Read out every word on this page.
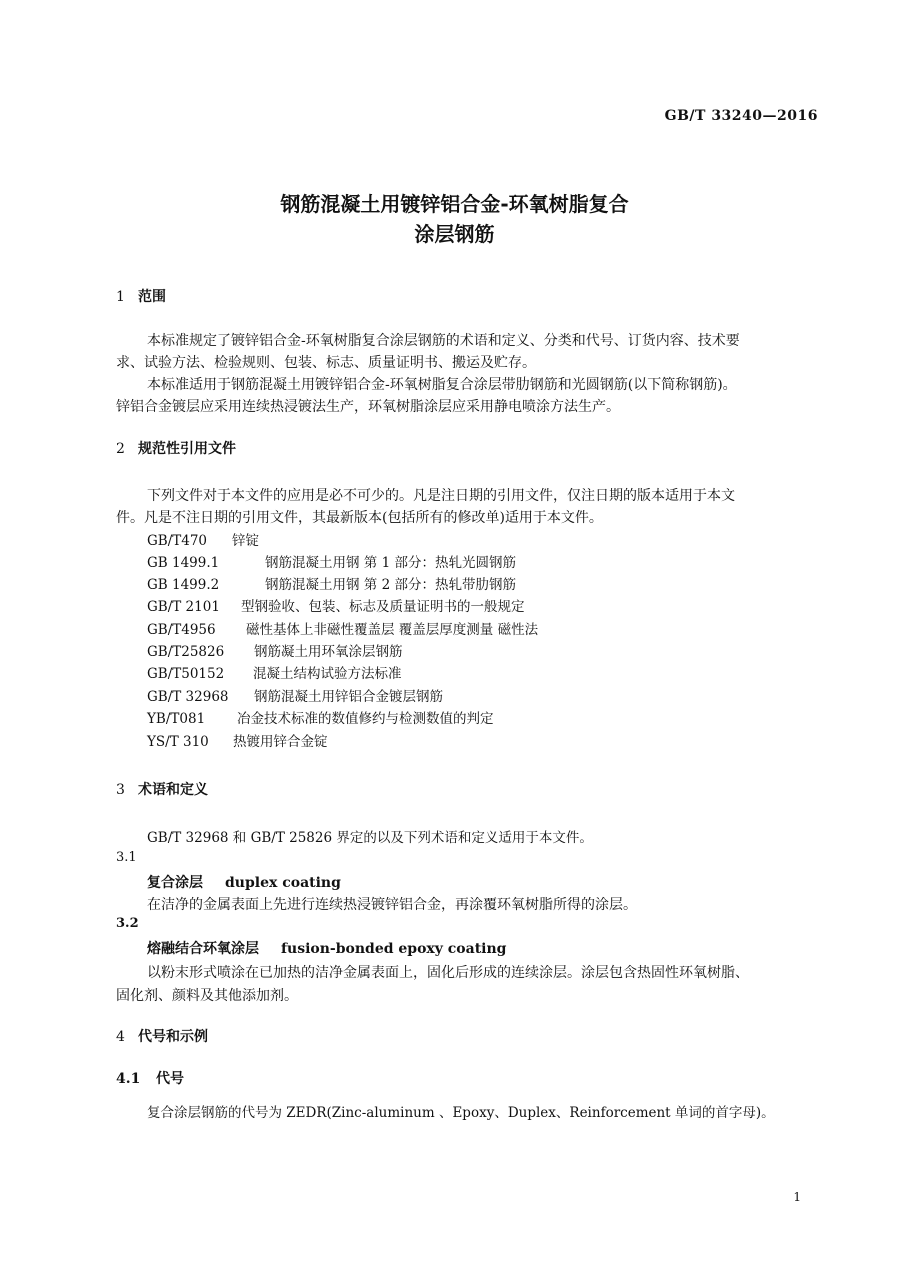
GB/T 33240—2016
钢筋混凝土用镀锌铝合金-环氧树脂复合
涂层钢筋
1 范围
本标准规定了镀锌铝合金-环氧树脂复合涂层钢筋的术语和定义、分类和代号、订货内容、技术要
求、试验方法、检验规则、包装、标志、质量证明书、搬运及贮存。
本标准适用于钢筋混凝土用镀锌铝合金-环氧树脂复合涂层带肋钢筋和光圆钢筋(以下简称钢筋)。
锌铝合金镀层应采用连续热浸镀法生产，环氧树脂涂层应采用静电喷涂方法生产。
2 规范性引用文件
下列文件对于本文件的应用是必不可少的。凡是注日期的引用文件，仅注日期的版本适用于本文
件。凡是不注日期的引用文件，其最新版本(包括所有的修改单)适用于本文件。
GB/T470 锌锭
GB 1499.1	钢筋混凝土用钢 第 1 部分：热轧光圆钢筋
GB 1499.2	钢筋混凝土用钢 第 2 部分：热轧带肋钢筋
GB/T 2101 型钢验收、包装、标志及质量证明书的一般规定
GB/T4956 磁性基体上非磁性覆盖层 覆盖层厚度测量 磁性法
GB/T25826 钢筋凝土用环氧涂层钢筋
GB/T50152 混凝土结构试验方法标准
GB/T 32968 钢筋混凝土用锌铝合金镀层钢筋
YB/T081 冶金技术标准的数值修约与检测数值的判定
YS/T 310 热镀用锌合金锭
3 术语和定义
GB/T 32968 和 GB/T 25826 界定的以及下列术语和定义适用于本文件。
3.1
复合涂层 duplex coating
在洁净的金属表面上先进行连续热浸镀锌铝合金，再涂覆环氧树脂所得的涂层。
3.2
熔融结合环氧涂层 fusion-bonded epoxy coating
以粉末形式喷涂在已加热的洁净金属表面上，固化后形成的连续涂层。涂层包含热固性环氧树脂、
固化剂、颜料及其他添加剂。
4 代号和示例
4.1 代号
复合涂层钢筋的代号为 ZEDR(Zinc-aluminum 、Epoxy、Duplex、Reinforcement 单词的首字母)。
1
